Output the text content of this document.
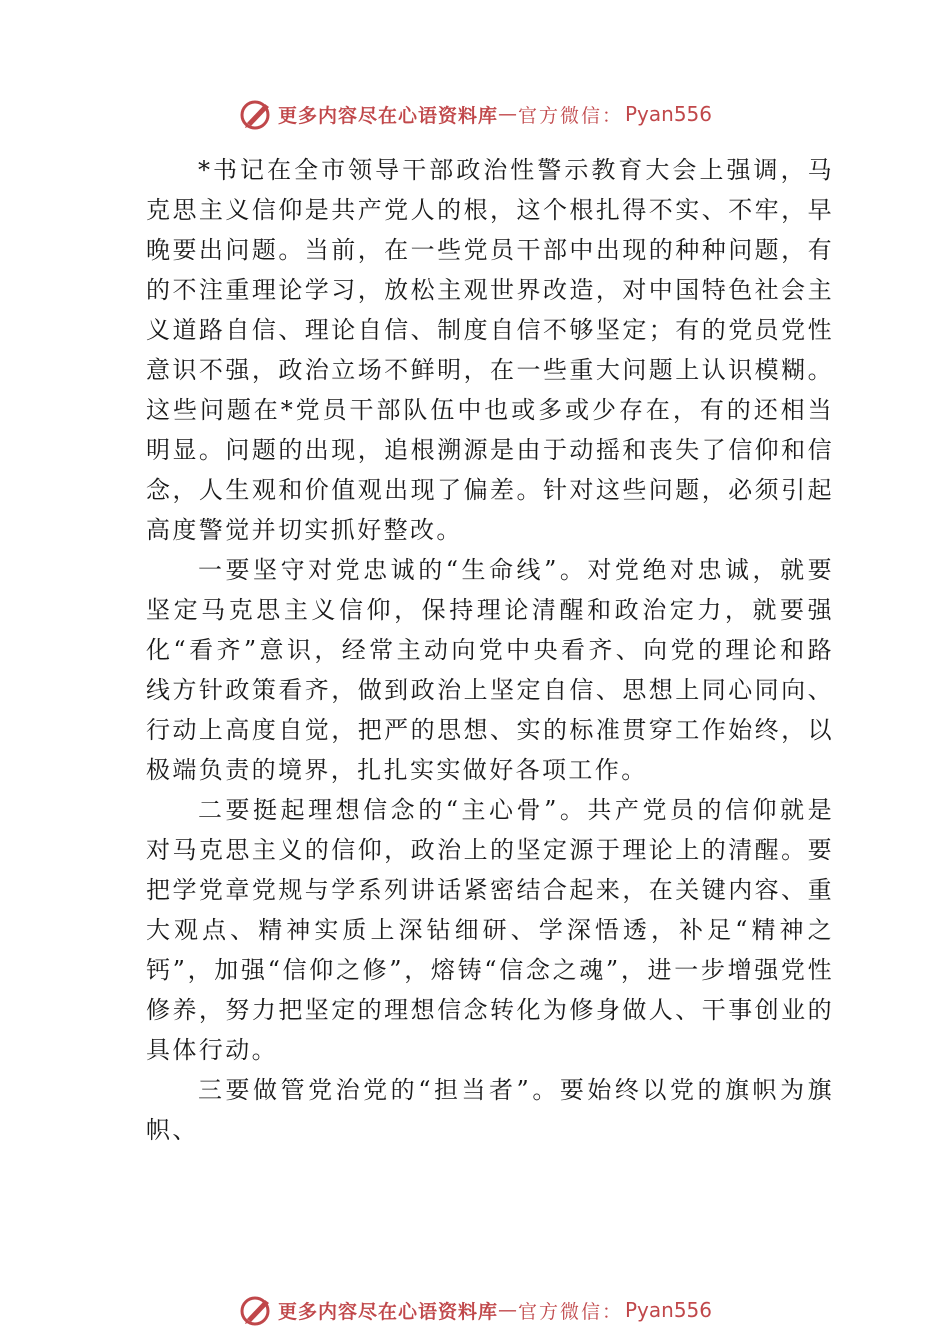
更多内容尽在心语资料库 — 官方微信： Pyan556

*书记在全市领导干部政治性警示教育大会上强调，马克思主义信仰是共产党人的根，这个根扎得不实、不牢，早晚要出问题。当前，在一些党员干部中出现的种种问题，有的不注重理论学习，放松主观世界改造，对中国特色社会主义道路自信、理论自信、制度自信不够坚定；有的党员党性意识不强，政治立场不鲜明，在一些重大问题上认识模糊。 这些问题在*党员干部队伍中也或多或少存在，有的还相当明显。问题的出现，追根溯源是由于动摇和丧失了信仰和信念，人生观和价值观出现了偏差。针对这些问题，必须引起高度警觉并切实抓好整改。

一要坚守对党忠诚的“生命线”。对党绝对忠诚，就要坚定马克思主义信仰，保持理论清醒和政治定力，就要强化“看齐”意识，经常主动向党中央看齐、向党的理论和路线方针政策看齐，做到政治上坚定自信、思想上同心同向、行动上高度自觉，把严的思想、实的标准贯穿工作始终，以极端负责的境界，扎扎实实做好各项工作。

二要挺起理想信念的“主心骨”。共产党员的信仰就是对马克思主义的信仰，政治上的坚定源于理论上的清醒。要把学党章党规与学系列讲话紧密结合起来，在关键内容、重大观点、精神实质上深钻细研、学深悟透，补足“精神之钙”，加强“信仰之修”，熔铸“信念之魂”，进一步增强党性修养，努力把坚定的理想信念转化为修身做人、干事创业的具体行动。

三要做管党治党的“担当者”。要始终以党的旗帜为旗帜、

更多内容尽在心语资料库 — 官方微信： Pyan556
